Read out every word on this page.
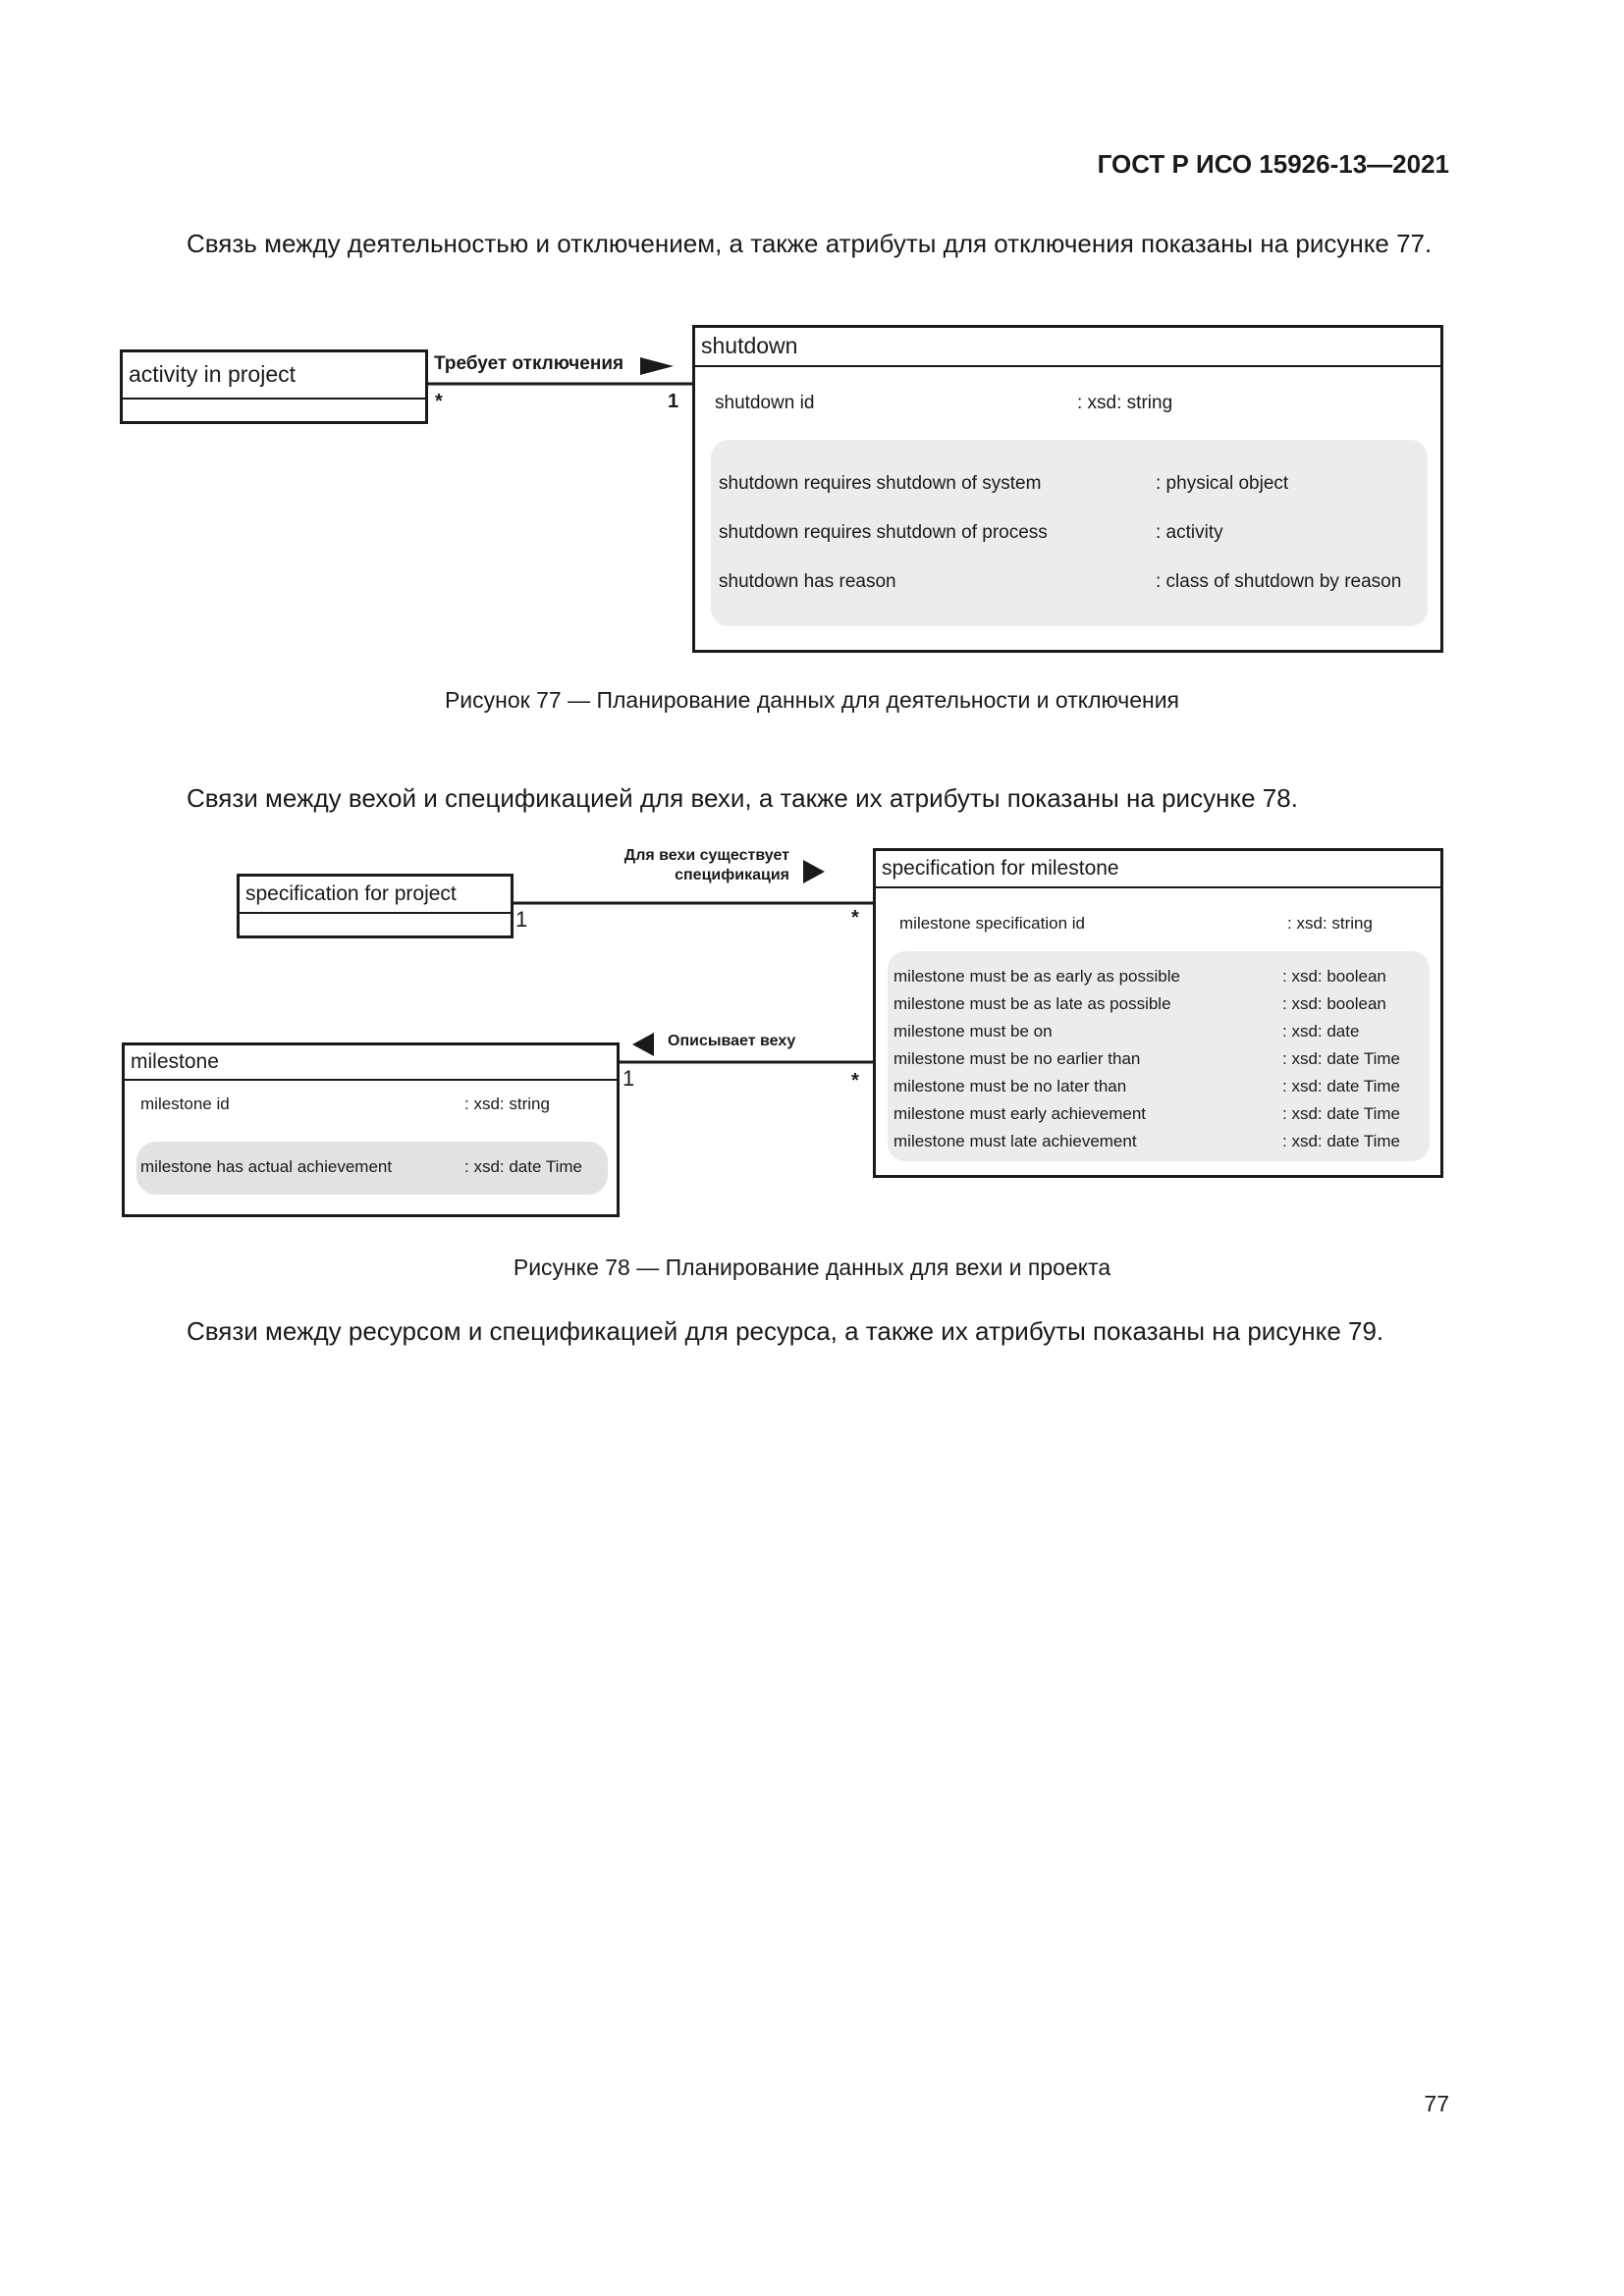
ГОСТ Р ИСО 15926-13—2021
Связь между деятельностью и отключением, а также атрибуты для отключения показаны на рисунке 77.
activity in project	Требует отключения
*	1
shutdown
shutdown id	: xsd: string
shutdown requires shutdown of system	: physical object
shutdown requires shutdown of process	: activity
shutdown has reason	: class of shutdown by reason
Рисунок 77 — Планирование данных для деятельности и отключения
Связи между вехой и спецификацией для вехи, а также их атрибуты показаны на рисунке 78.
specification for project
1
Для вехи существует
спецификация
*
specification for milestone
milestone specification id	: xsd: string
milestone must be as early as possible	: xsd: boolean
milestone must be as late as possible	: xsd: boolean
milestone must be on	: xsd: date
milestone must be no earlier than	: xsd: date Time
milestone must be no later than	: xsd: date Time
milestone must early achievement	: xsd: date Time
milestone must late achievement	: xsd: date Time
Описывает веху
1	*
milestone
milestone id	: xsd: string
milestone has actual achievement	: xsd: date Time
Рисунке 78 — Планирование данных для вехи и проекта
Связи между ресурсом и спецификацией для ресурса, а также их атрибуты показаны на рисунке 79.
77
